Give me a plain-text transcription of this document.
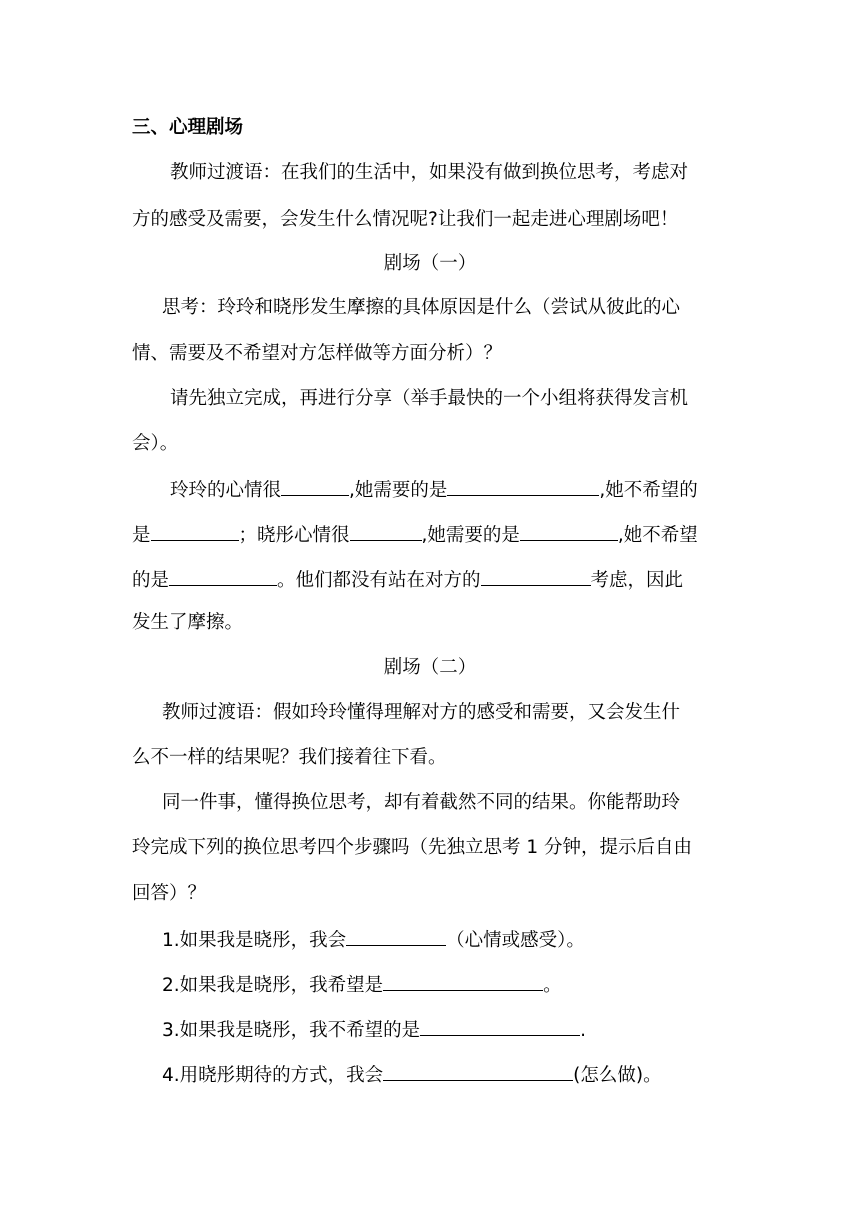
三、心理剧场
教师过渡语：在我们的生活中，如果没有做到换位思考，考虑对
方的感受及需要，会发生什么情况呢?让我们一起走进心理剧场吧！
剧场（一）
思考：玲玲和晓彤发生摩擦的具体原因是什么（尝试从彼此的心
情、需要及不希望对方怎样做等方面分析）？
请先独立完成，再进行分享（举手最快的一个小组将获得发言机
会）。
玲玲的心情很	,她需要的是	,她不希望的
是	；晓彤心情很	,她需要的是	,她不希望
的是	。他们都没有站在对方的	考虑，因此
发生了摩擦。
剧场（二）
教师过渡语：假如玲玲懂得理解对方的感受和需要，又会发生什
么不一样的结果呢？我们接着往下看。
同一件事，懂得换位思考，却有着截然不同的结果。你能帮助玲
玲完成下列的换位思考四个步骤吗（先独立思考 1 分钟，提示后自由
回答）？
1.如果我是晓彤，我会	（心情或感受）。
2.如果我是晓彤，我希望是	。
3.如果我是晓彤，我不希望的是	.
4.用晓彤期待的方式，我会	(怎么做)。
